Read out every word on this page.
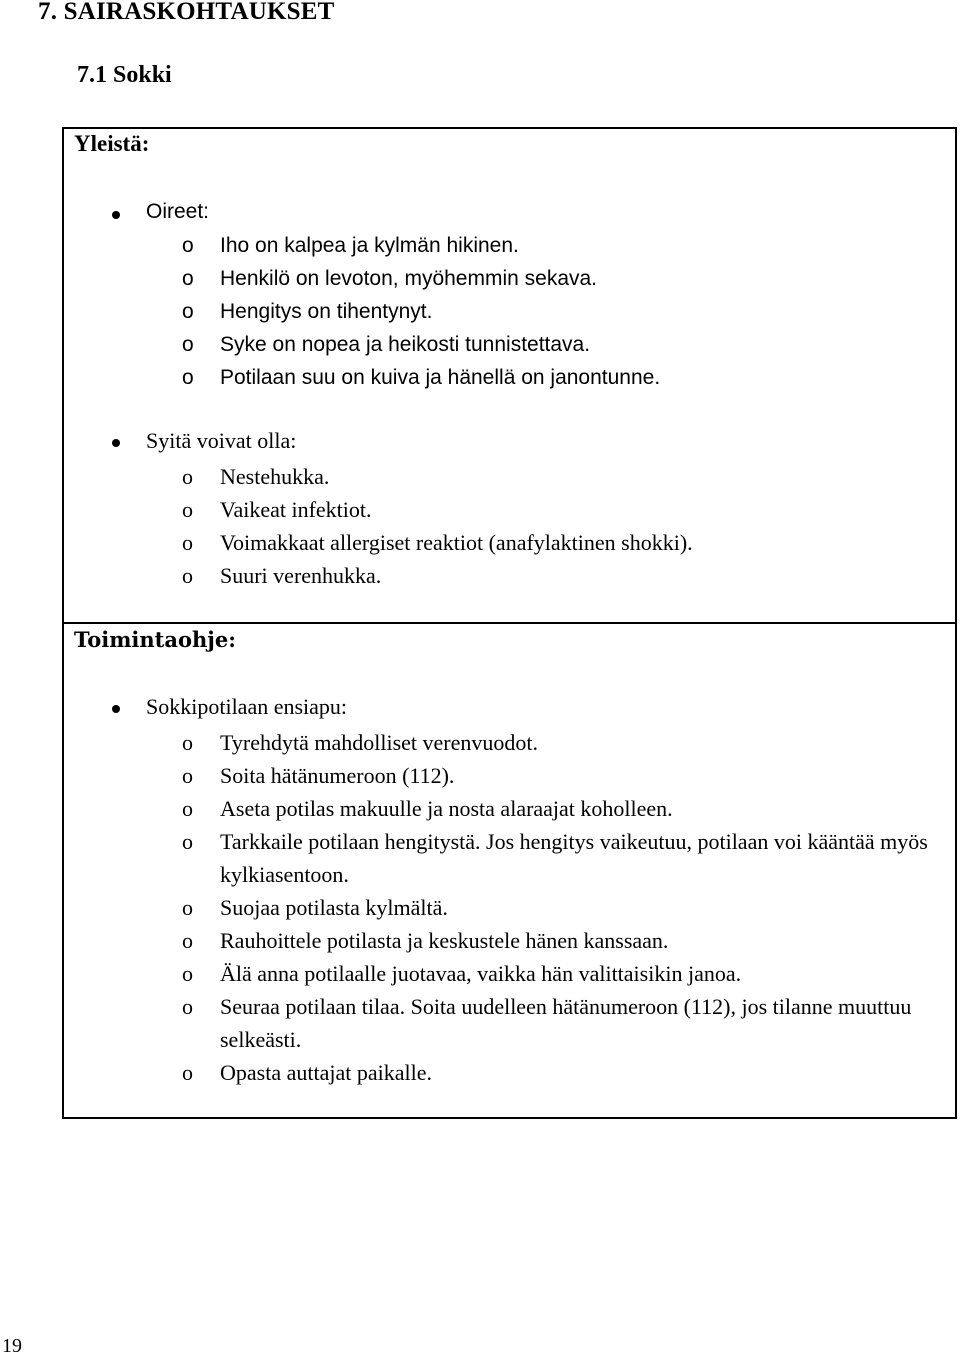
7. SAIRASKOHTAUKSET
7.1 Sokki
Yleistä:
Oireet:
o Iho on kalpea ja kylmän hikinen.
o Henkilö on levoton, myöhemmin sekava.
o Hengitys on tihentynyt.
o Syke on nopea ja heikosti tunnistettava.
o Potilaan suu on kuiva ja hänellä on janontunne.
Syitä voivat olla:
o Nestehukka.
o Vaikeat infektiot.
o Voimakkaat allergiset reaktiot (anafylaktinen shokki).
o Suuri verenhukka.
Toimintaohje:
Sokkipotilaan ensiapu:
o Tyrehdytä mahdolliset verenvuodot.
o Soita hätänumeroon (112).
o Aseta potilas makuulle ja nosta alaraajat koholleen.
o Tarkkaile potilaan hengitystä. Jos hengitys vaikeutuu, potilaan voi kääntää myös kylkiasentoon.
o Suojaa potilasta kylmältä.
o Rauhoittele potilasta ja keskustele hänen kanssaan.
o Älä anna potilaalle juotavaa, vaikka hän valittaisikin janoa.
o Seuraa potilaan tilaa. Soita uudelleen hätänumeroon (112), jos tilanne muuttuu selkeästi.
o Opasta auttajat paikalle.
19
